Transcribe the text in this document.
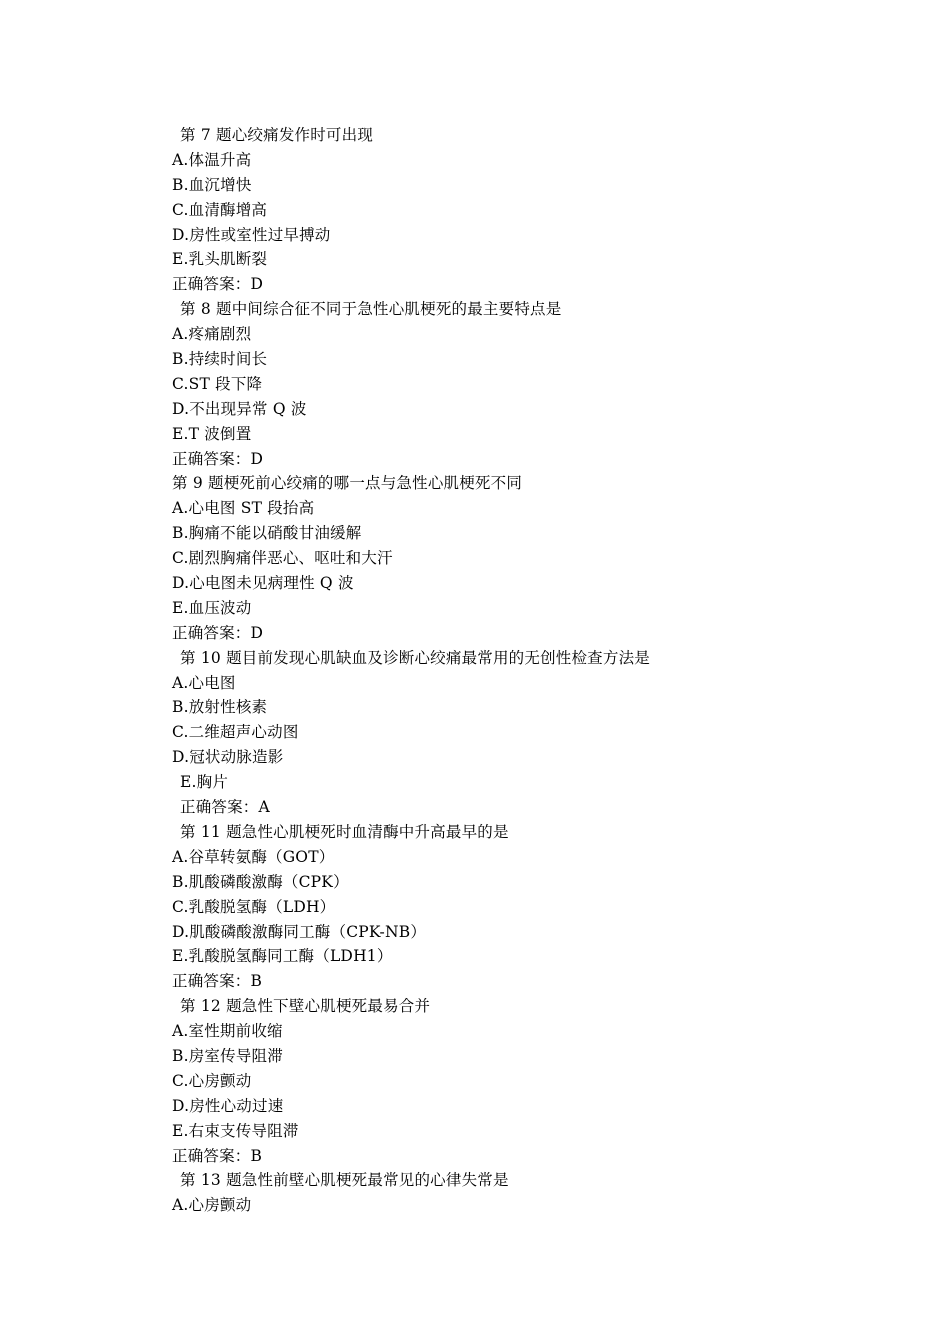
第 7 题心绞痛发作时可出现
A.体温升高
B.血沉增快
C.血清酶增高
D.房性或室性过早搏动
E.乳头肌断裂
正确答案：D
第 8 题中间综合征不同于急性心肌梗死的最主要特点是
A.疼痛剧烈
B.持续时间长
C.ST 段下降
D.不出现异常 Q 波
E.T 波倒置
正确答案：D
第 9 题梗死前心绞痛的哪一点与急性心肌梗死不同
A.心电图 ST 段抬高
B.胸痛不能以硝酸甘油缓解
C.剧烈胸痛伴恶心、呕吐和大汗
D.心电图未见病理性 Q 波
E.血压波动
正确答案：D
第 10 题目前发现心肌缺血及诊断心绞痛最常用的无创性检查方法是
A.心电图
B.放射性核素
C.二维超声心动图
D.冠状动脉造影
E.胸片
正确答案：A
第 11 题急性心肌梗死时血清酶中升高最早的是
A.谷草转氨酶（GOT）
B.肌酸磷酸激酶（CPK）
C.乳酸脱氢酶（LDH）
D.肌酸磷酸激酶同工酶（CPK-NB）
E.乳酸脱氢酶同工酶（LDH1）
正确答案：B
第 12 题急性下壁心肌梗死最易合并
A.室性期前收缩
B.房室传导阻滞
C.心房颤动
D.房性心动过速
E.右束支传导阻滞
正确答案：B
第 13 题急性前壁心肌梗死最常见的心律失常是
A.心房颤动
